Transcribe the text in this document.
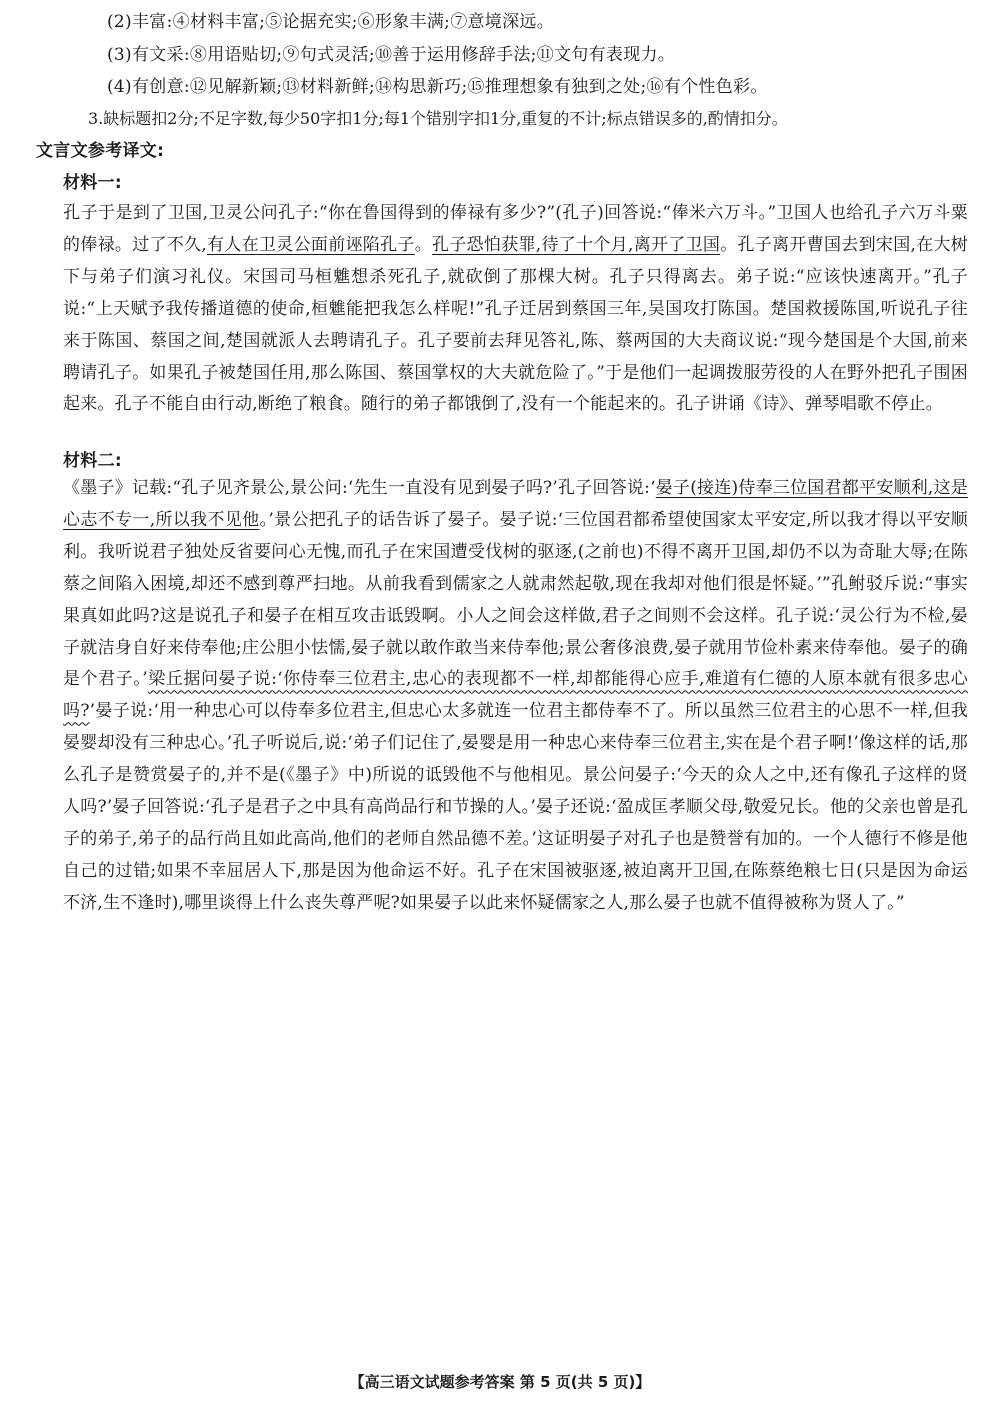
(2)丰富:④材料丰富;⑤论据充实;⑥形象丰满;⑦意境深远。
(3)有文采:⑧用语贴切;⑨句式灵活;⑩善于运用修辞手法;⑪文句有表现力。
(4)有创意:⑫见解新颖;⑬材料新鲜;⑭构思新巧;⑮推理想象有独到之处;⑯有个性色彩。
3.缺标题扣2分;不足字数,每少50字扣1分;每1个错别字扣1分,重复的不计;标点错误多的,酌情扣分。
文言文参考译文:
材料一:

孔子于是到了卫国,卫灵公问孔子:“你在鲁国得到的俸禄有多少?”(孔子)回答说:“俸米六万斗。”卫国人也给孔子六万斗粟的俸禄。过了不久,有人在卫灵公面前诬陷孔子。孔子恐怕获罪,待了十个月,离开了卫国。孔子离开曹国去到宋国,在大树下与弟子们演习礼仪。宋国司马桓魋想杀死孔子,就砍倒了那棵大树。孔子只得离去。弟子说:“应该快速离开。”孔子说:“上天赋予我传播道德的使命,桓魋能把我怎么样呢!”孔子迁居到蔡国三年,吴国攻打陈国。楚国救援陈国,听说孔子往来于陈国、蔡国之间,楚国就派人去聘请孔子。孔子要前去拜见答礼,陈、蔡两国的大夫商议说:“现今楚国是个大国,前来聘请孔子。如果孔子被楚国任用,那么陈国、蔡国掌权的大夫就危险了。”于是他们一起调拨服劳役的人在野外把孔子围困起来。孔子不能自由行动,断绝了粮食。随行的弟子都饿倒了,没有一个能起来的。孔子讲诵《诗》、弹琴唱歌不停止。

材料二:

《墨子》记载:“孔子见齐景公,景公问:‘先生一直没有见到晏子吗?’孔子回答说:‘晏子(接连)侍奉三位国君都平安顺利,这是心志不专一,所以我不见他。’景公把孔子的话告诉了晏子。晏子说:‘三位国君都希望使国家太平安定,所以我才得以平安顺利。我听说君子独处反省要问心无愧,而孔子在宋国遭受伐树的驱逐,(之前也)不得不离开卫国,却仍不以为奇耻大辱;在陈蔡之间陷入困境,却还不感到尊严扫地。从前我看到儒家之人就肃然起敬,现在我却对他们很是怀疑。’”孔鲋驳斥说:“事实果真如此吗?这是说孔子和晏子在相互攻击诋毁啊。小人之间会这样做,君子之间则不会这样。孔子说:‘灵公行为不检,晏子就洁身自好来侍奉他;庄公胆小怯懦,晏子就以敢作敢当来侍奉他;景公奢侈浪费,晏子就用节俭朴素来侍奉他。晏子的确是个君子。’梁丘据问晏子说:‘你侍奉三位君主,忠心的表现都不一样,却都能得心应手,难道有仁德的人原本就有很多忠心吗?’晏子说:‘用一种忠心可以侍奉多位君主,但忠心太多就连一位君主都侍奉不了。所以虽然三位君主的心思不一样,但我晏婴却没有三种忠心。’孔子听说后,说:‘弟子们记住了,晏婴是用一种忠心来侍奉三位君主,实在是个君子啊!’像这样的话,那么孔子是赞赏晏子的,并不是(《墨子》中)所说的诋毁他不与他相见。景公问晏子:‘今天的众人之中,还有像孔子这样的贤人吗?’晏子回答说:‘孔子是君子之中具有高尚品行和节操的人。’晏子还说:‘盈成匡孝顺父母,敬爱兄长。他的父亲也曾是孔子的弟子,弟子的品行尚且如此高尚,他们的老师自然品德不差。’这证明晏子对孔子也是赞誉有加的。一个人德行不修是他自己的过错;如果不幸屈居人下,那是因为他命运不好。孔子在宋国被驱逐,被迫离开卫国,在陈蔡绝粮七日(只是因为命运不济,生不逢时),哪里谈得上什么丧失尊严呢?如果晏子以此来怀疑儒家之人,那么晏子也就不值得被称为贤人了。”

【高三语文试题参考答案 第 5 页(共 5 页)】
